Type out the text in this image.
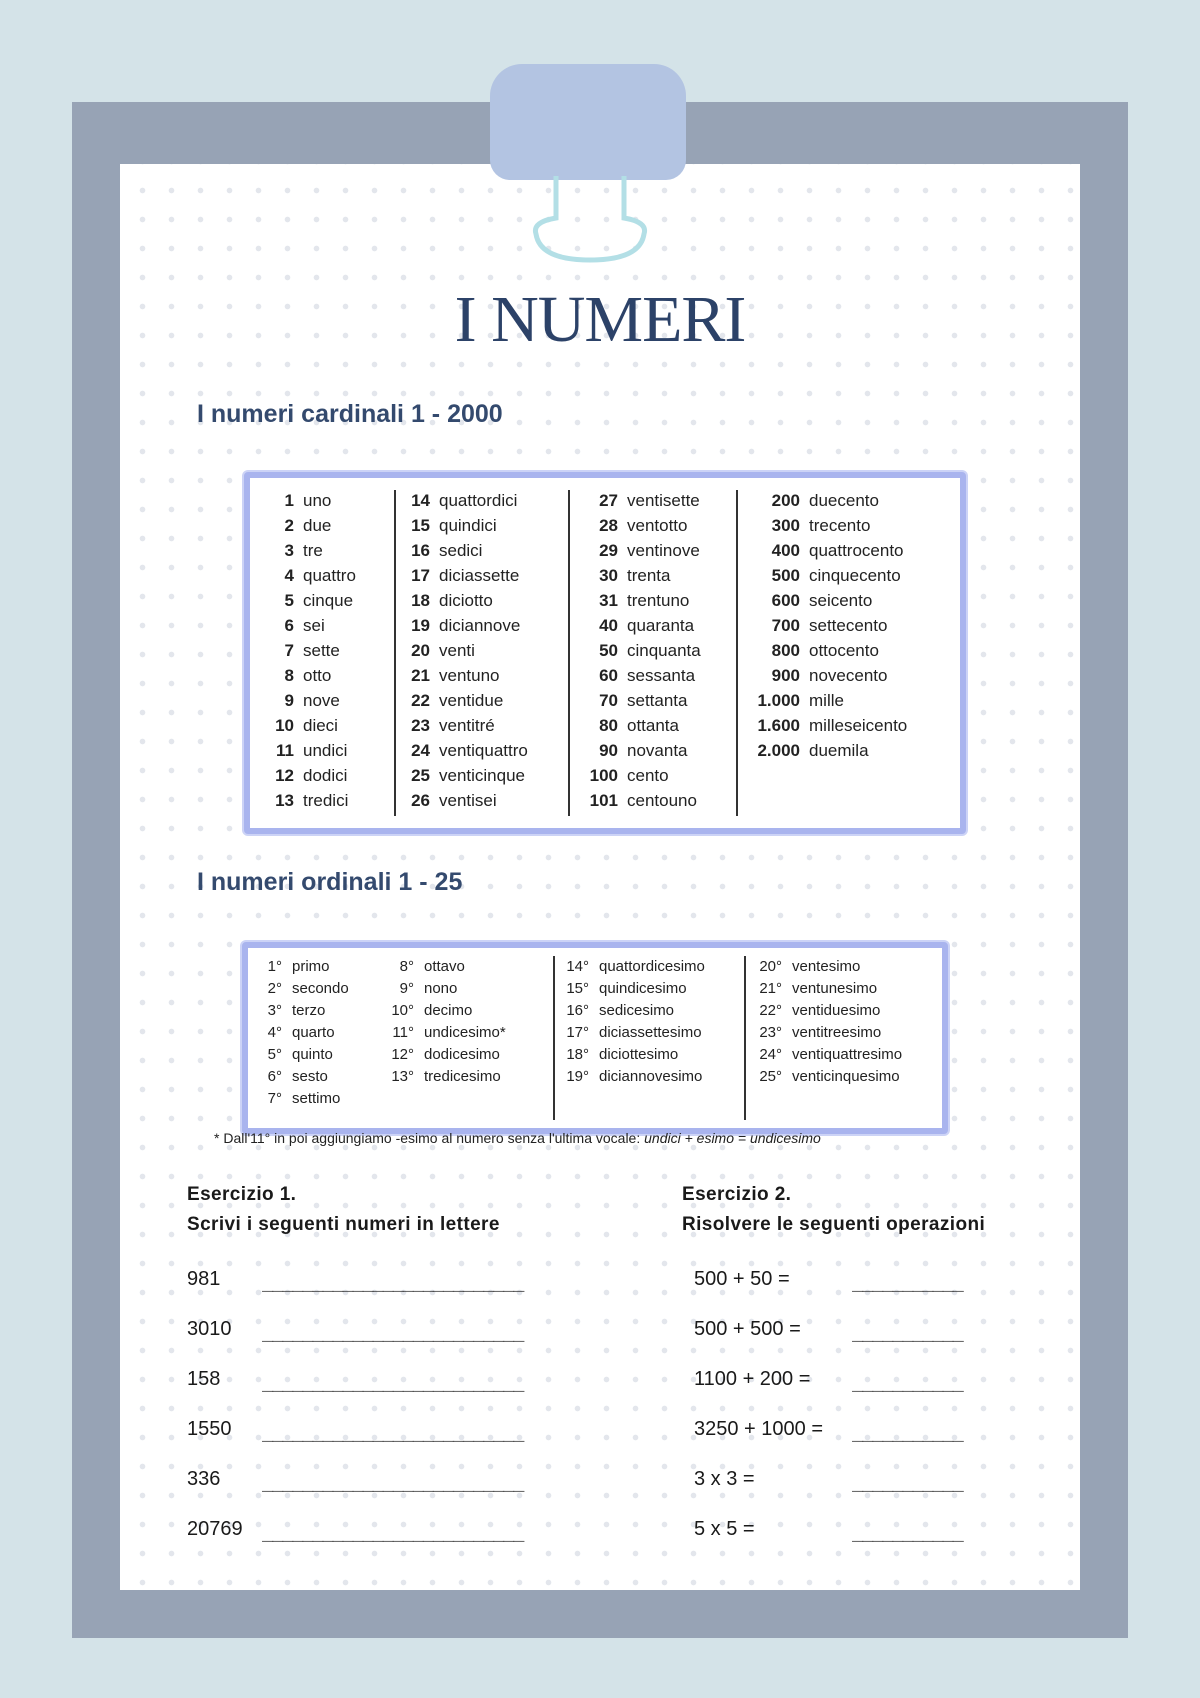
I NUMERI
I numeri cardinali 1 - 2000
1 uno
2 due
3 tre
4 quattro
5 cinque
6 sei
7 sette
8 otto
9 nove
10 dieci
11 undici
12 dodici
13 tredici
14 quattordici
15 quindici
16 sedici
17 diciassette
18 diciotto
19 diciannove
20 venti
21 ventuno
22 ventidue
23 ventitré
24 ventiquattro
25 venticinque
26 ventisei
27 ventisette
28 ventotto
29 ventinove
30 trenta
31 trentuno
40 quaranta
50 cinquanta
60 sessanta
70 settanta
80 ottanta
90 novanta
100 cento
101 centouno
200 duecento
300 trecento
400 quattrocento
500 cinquecento
600 seicento
700 settecento
800 ottocento
900 novecento
1.000 mille
1.600 milleseicento
2.000 duemila
I numeri ordinali 1 - 25
1° primo
2° secondo
3° terzo
4° quarto
5° quinto
6° sesto
7° settimo
8° ottavo
9° nono
10° decimo
11° undicesimo*
12° dodicesimo
13° tredicesimo
14° quattordicesimo
15° quindicesimo
16° sedicesimo
17° diciassettesimo
18° diciottesimo
19° diciannovesimo
20° ventesimo
21° ventunesimo
22° ventiduesimo
23° ventitreesimo
24° ventiquattresimo
25° venticinquesimo
* Dall'11° in poi aggiungiamo -esimo al numero senza l'ultima vocale: undici + esimo = undicesimo
Esercizio 1.
Scrivi i seguenti numeri in lettere
Esercizio 2.
Risolvere le seguenti operazioni
981 __________________________
3010 __________________________
158 __________________________
1550 __________________________
336 __________________________
20769 __________________________
500 + 50 =	___________
500 + 500 =	___________
1100 + 200 = ___________
3250 + 1000 = ___________
3 x 3 =	___________
5 x 5 =	___________
